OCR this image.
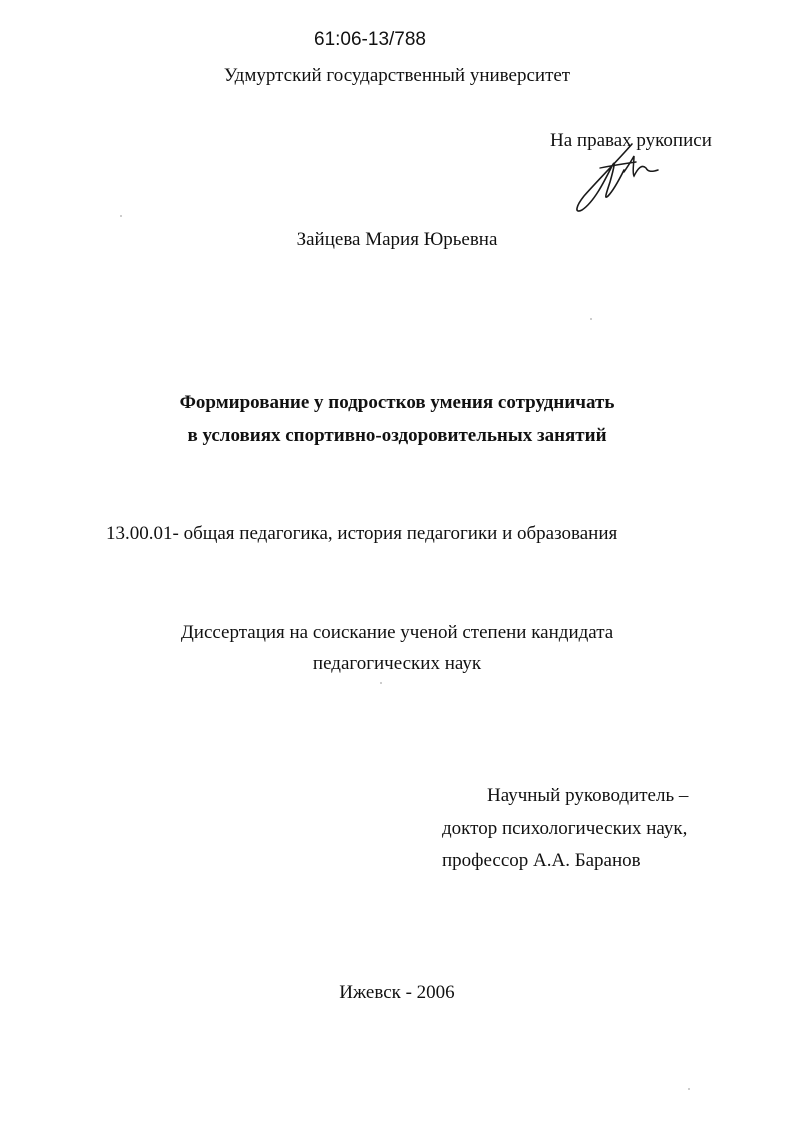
61:06-13/788
Удмуртский государственный университет
На правах рукописи
Зайцева Мария Юрьевна
Формирование у подростков умения сотрудничать
в условиях спортивно-оздоровительных занятий
13.00.01- общая педагогика, история педагогики и образования
Диссертация на соискание ученой степени кандидата
педагогических наук
Научный руководитель –
доктор психологических наук,
профессор А.А. Баранов
Ижевск - 2006
